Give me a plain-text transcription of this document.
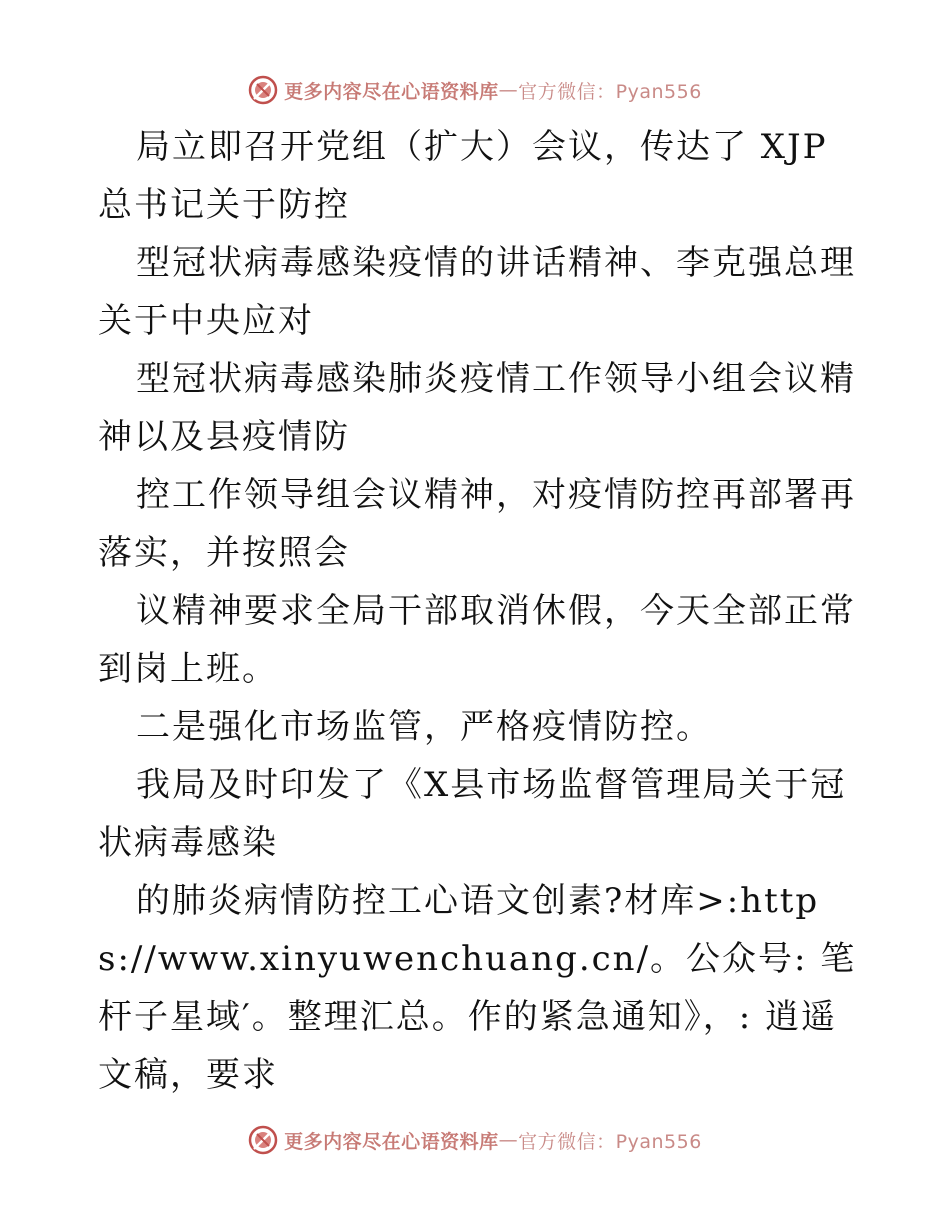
更多内容尽在心语资料库 — 官方微信：Pyan556

局立即召开党组（扩大）会议，传达了 XJP 总书记关于防控

型冠状病毒感染疫情的讲话精神、李克强总理关于中央应对

型冠状病毒感染肺炎疫情工作领导小组会议精神以及县疫情防

控工作领导组会议精神，对疫情防控再部署再落实，并按照会

议精神要求全局干部取消休假，今天全部正常到岗上班。

二是强化市场监管，严格疫情防控。

我局及时印发了《X县市场监督管理局关于冠状病毒感染

的肺炎病情防控工心语文创素?材库>:https://www.xinyuwenchuang.cn/。公众号: 笔杆子星域′。整理汇总。作的紧急通知》，: 逍遥文稿，要求

更多内容尽在心语资料库 — 官方微信：Pyan556
